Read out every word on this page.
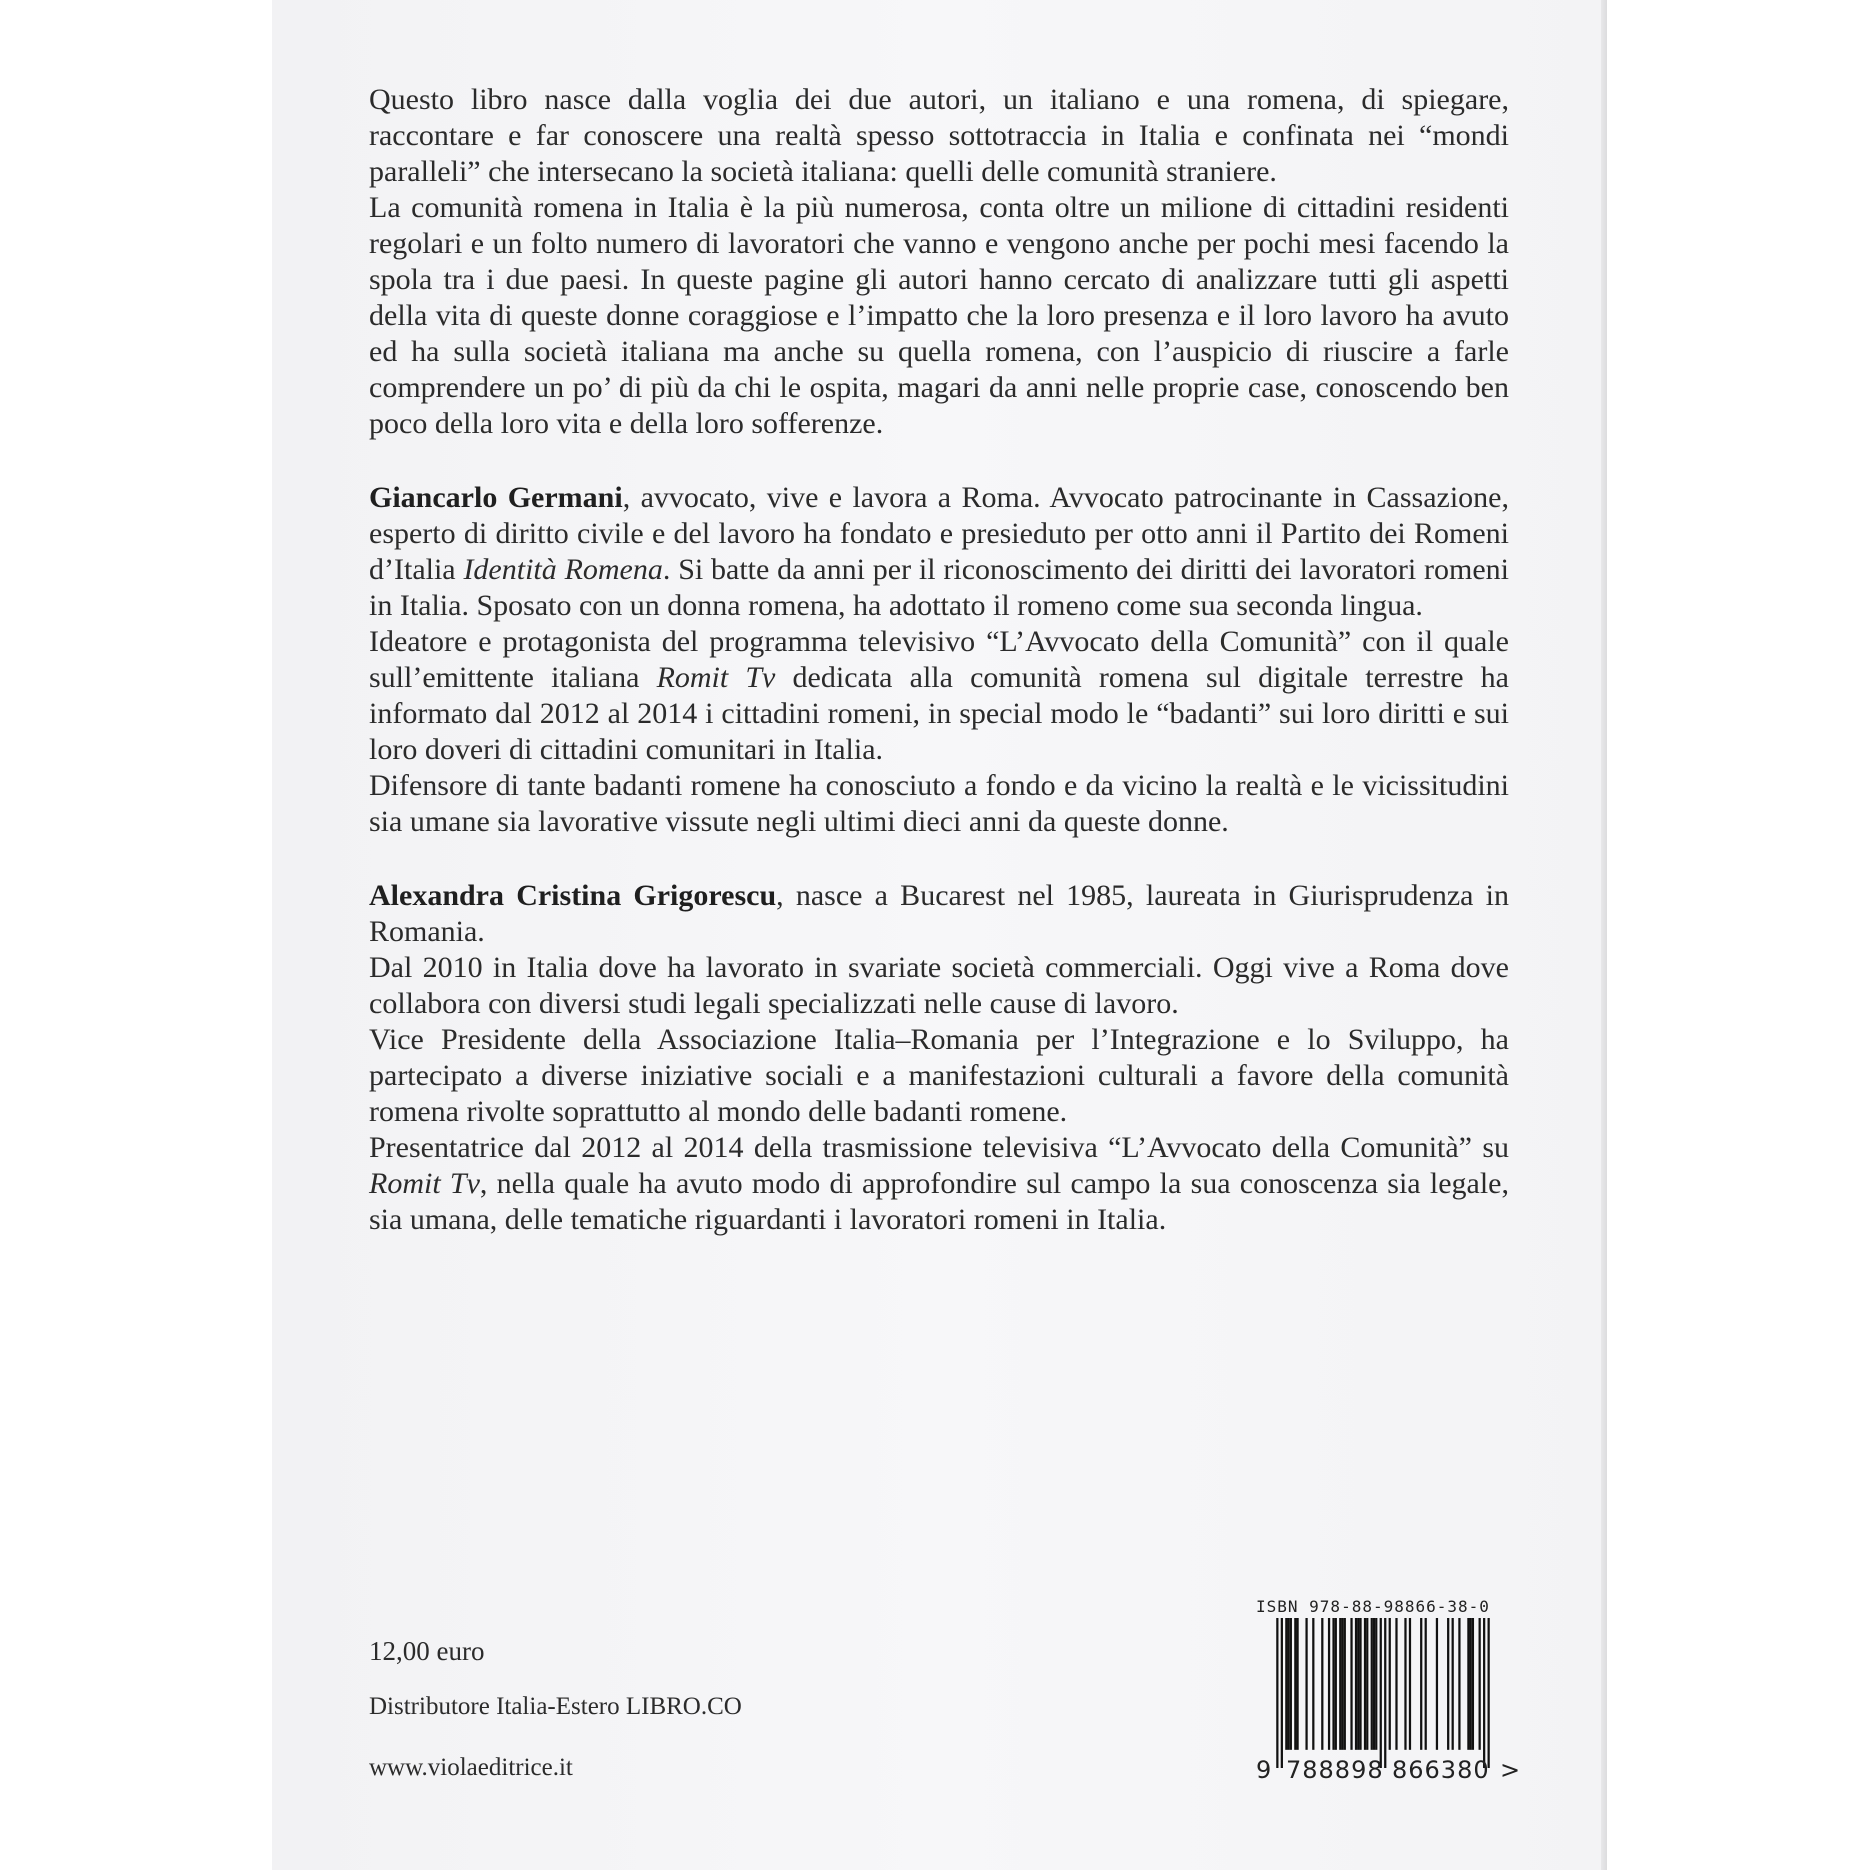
Questo libro nasce dalla voglia dei due autori, un italiano e una romena, di spiegare, raccontare e far conoscere una realtà spesso sottotraccia in Italia e confinata nei “mondi paralleli” che intersecano la società italiana: quelli delle comunità straniere.

La comunità romena in Italia è la più numerosa, conta oltre un milione di cittadini residenti regolari e un folto numero di lavoratori che vanno e vengono anche per pochi mesi facendo la spola tra i due paesi. In queste pagine gli autori hanno cercato di analizzare tutti gli aspetti della vita di queste donne coraggiose e l’impatto che la loro presenza e il loro lavoro ha avuto ed ha sulla società italiana ma anche su quella romena, con l’auspicio di riuscire a farle comprendere un po’ di più da chi le ospita, magari da anni nelle proprie case, conoscendo ben poco della loro vita e della loro sofferenze.

Giancarlo Germani, avvocato, vive e lavora a Roma. Avvocato patrocinante in Cassazione, esperto di diritto civile e del lavoro ha fondato e presieduto per otto anni il Partito dei Romeni d’Italia Identità Romena. Si batte da anni per il riconoscimento dei diritti dei lavoratori romeni in Italia. Sposato con un donna romena, ha adottato il romeno come sua seconda lingua.

Ideatore e protagonista del programma televisivo “L’Avvocato della Comunità” con il quale sull’emittente italiana Romit Tv dedicata alla comunità romena sul digitale terrestre ha informato dal 2012 al 2014 i cittadini romeni, in special modo le “badanti” sui loro diritti e sui loro doveri di cittadini comunitari in Italia.

Difensore di tante badanti romene ha conosciuto a fondo e da vicino la realtà e le vicissitudini sia umane sia lavorative vissute negli ultimi dieci anni da queste donne.

Alexandra Cristina Grigorescu, nasce a Bucarest nel 1985, laureata in Giurisprudenza in Romania.

Dal 2010 in Italia dove ha lavorato in svariate società commerciali. Oggi vive a Roma dove collabora con diversi studi legali specializzati nelle cause di lavoro.

Vice Presidente della Associazione Italia–Romania per l’Integrazione e lo Sviluppo, ha partecipato a diverse iniziative sociali e a manifestazioni culturali a favore della comunità romena rivolte soprattutto al mondo delle badanti romene.

Presentatrice dal 2012 al 2014 della trasmissione televisiva “L’Avvocato della Comunità” su Romit Tv, nella quale ha avuto modo di approfondire sul campo la sua conoscenza sia legale, sia umana, delle tematiche riguardanti i lavoratori romeni in Italia.

12,00 euro
Distributore Italia-Estero LIBRO.CO
www.violaeditrice.it
ISBN 978-88-98866-38-0
9 788898 866380 >
